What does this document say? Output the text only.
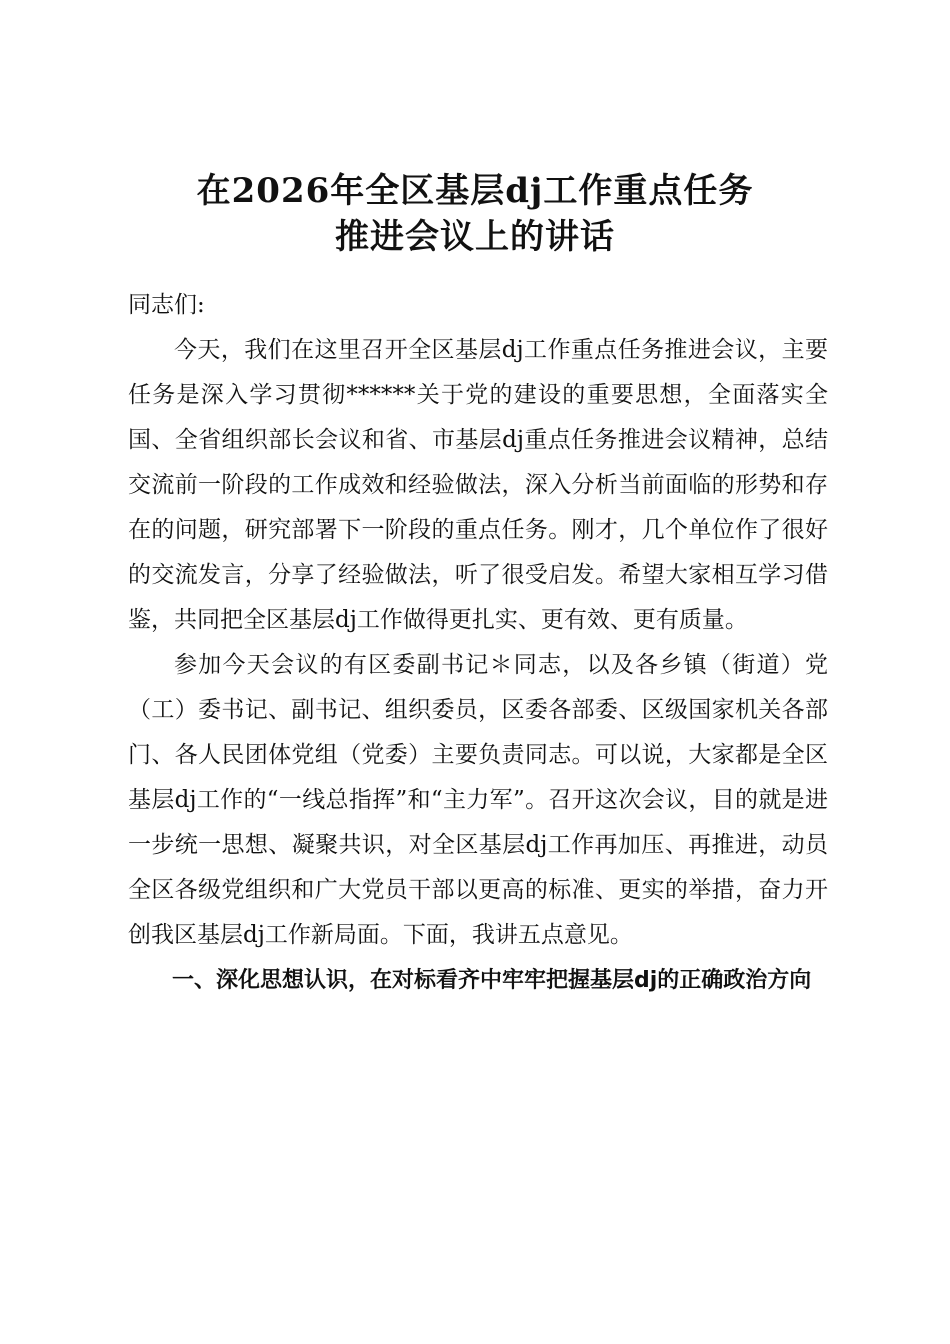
在2026年全区基层dj工作重点任务
推进会议上的讲话

同志们:

今天，我们在这里召开全区基层dj工作重点任务推进会议，主要任务是深入学习贯彻******关于党的建设的重要思想，全面落实全国、全省组织部长会议和省、市基层dj重点任务推进会议精神，总结交流前一阶段的工作成效和经验做法，深入分析当前面临的形势和存在的问题，研究部署下一阶段的重点任务。刚才，几个单位作了很好的交流发言，分享了经验做法，听了很受启发。希望大家相互学习借鉴，共同把全区基层dj工作做得更扎实、更有效、更有质量。

参加今天会议的有区委副书记＊同志，以及各乡镇（街道）党（工）委书记、副书记、组织委员，区委各部委、区级国家机关各部门、各人民团体党组（党委）主要负责同志。可以说，大家都是全区基层dj工作的“一线总指挥”和“主力军”。召开这次会议，目的就是进一步统一思想、凝聚共识，对全区基层dj工作再加压、再推进，动员全区各级党组织和广大党员干部以更高的标准、更实的举措，奋力开创我区基层dj工作新局面。下面，我讲五点意见。

一、深化思想认识，在对标看齐中牢牢把握基层dj的正确政治方向
